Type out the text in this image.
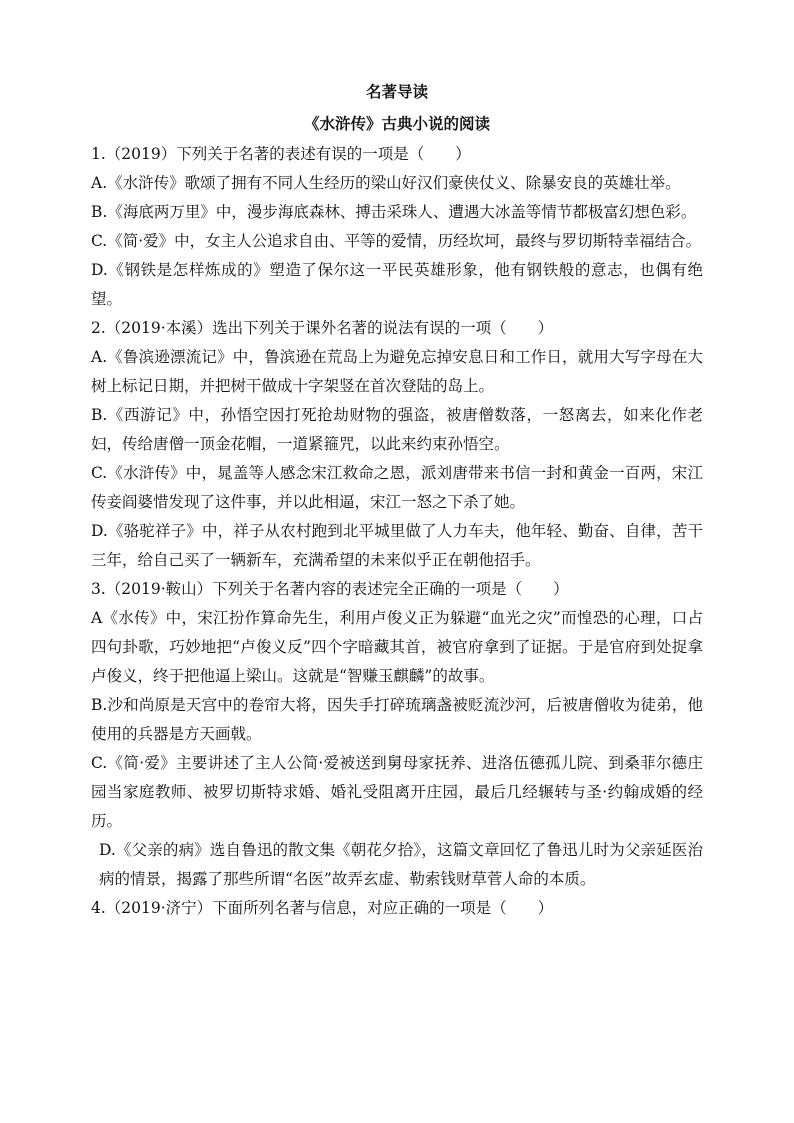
名著导读

《水浒传》古典小说的阅读

1.（2019）下列关于名著的表述有误的一项是（　　）

A.《水浒传》歌颂了拥有不同人生经历的梁山好汉们豪侠仗义、除暴安良的英雄壮举。

B.《海底两万里》中，漫步海底森林、搏击采珠人、遭遇大冰盖等情节都极富幻想色彩。

C.《简·爱》中，女主人公追求自由、平等的爱情，历经坎坷，最终与罗切斯特幸福结合。

D.《钢铁是怎样炼成的》塑造了保尔这一平民英雄形象，他有钢铁般的意志，也偶有绝望。

2.（2019·本溪）选出下列关于课外名著的说法有误的一项（　　）

A.《鲁滨逊漂流记》中，鲁滨逊在荒岛上为避免忘掉安息日和工作日，就用大写字母在大树上标记日期，并把树干做成十字架竖在首次登陆的岛上。

B.《西游记》中，孙悟空因打死抢劫财物的强盗，被唐僧数落，一怒离去，如来化作老妇，传给唐僧一顶金花帽，一道紧箍咒，以此来约束孙悟空。

C.《水浒传》中，晁盖等人感念宋江救命之恩，派刘唐带来书信一封和黄金一百两，宋江传妾阎婆惜发现了这件事，并以此相逼，宋江一怒之下杀了她。

D.《骆驼祥子》中，祥子从农村跑到北平城里做了人力车夫，他年轻、勤奋、自律，苦干三年，给自己买了一辆新车，充满希望的未来似乎正在朝他招手。

3.（2019·鞍山）下列关于名著内容的表述完全正确的一项是（　　）

A《水传》中，宋江扮作算命先生，利用卢俊义正为躲避“血光之灾”而惶恐的心理，口占四句卦歌，巧妙地把“卢俊义反”四个字暗藏其首，被官府拿到了证据。于是官府到处捉拿卢俊义，终于把他逼上梁山。这就是“智赚玉麒麟”的故事。

B.沙和尚原是天宫中的卷帘大将，因失手打碎琉璃盏被贬流沙河，后被唐僧收为徒弟，他使用的兵器是方天画戟。

C.《简·爱》主要讲述了主人公简·爱被送到舅母家抚养、进洛伍德孤儿院、到桑菲尔德庄园当家庭教师、被罗切斯特求婚、婚礼受阻离开庄园，最后几经辗转与圣·约翰成婚的经历。

D.《父亲的病》选自鲁迅的散文集《朝花夕拾》，这篇文章回忆了鲁迅儿时为父亲延医治病的情景，揭露了那些所谓“名医”故弄玄虚、勒索钱财草菅人命的本质。

4.（2019·济宁）下面所列名著与信息，对应正确的一项是（　　）
